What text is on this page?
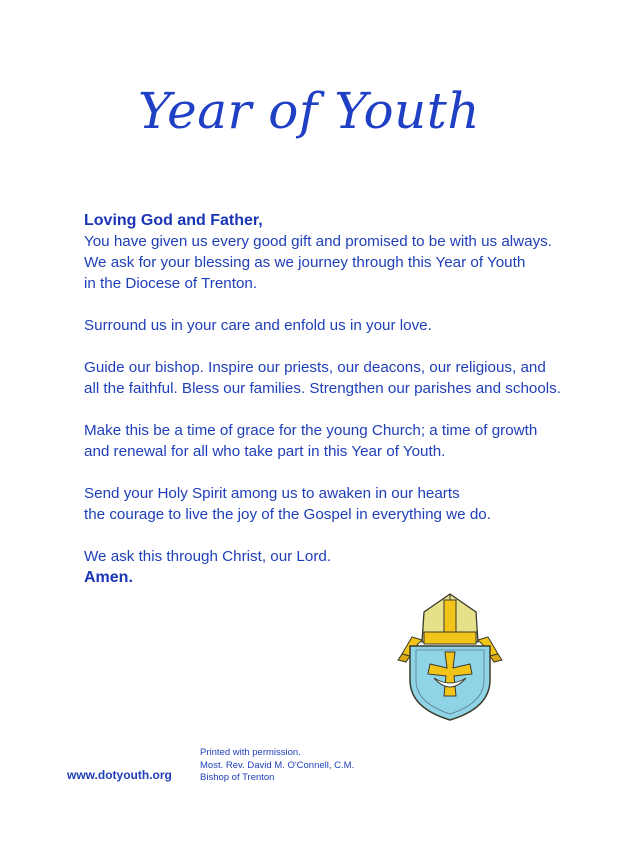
Year of Youth

Loving God and Father,
You have given us every good gift and promised to be with us always.
We ask for your blessing as we journey through this Year of Youth
in the Diocese of Trenton.

Surround us in your care and enfold us in your love.

Guide our bishop. Inspire our priests, our deacons, our religious, and
all the faithful. Bless our families. Strengthen our parishes and schools.

Make this be a time of grace for the young Church; a time of growth
and renewal for all who take part in this Year of Youth.

Send your Holy Spirit among us to awaken in our hearts
the courage to live the joy of the Gospel in everything we do.

We ask this through Christ, our Lord.

Amen.
www.dotyouth.org
Printed with permission.
Most. Rev. David M. O'Connell, C.M.
Bishop of Trenton
